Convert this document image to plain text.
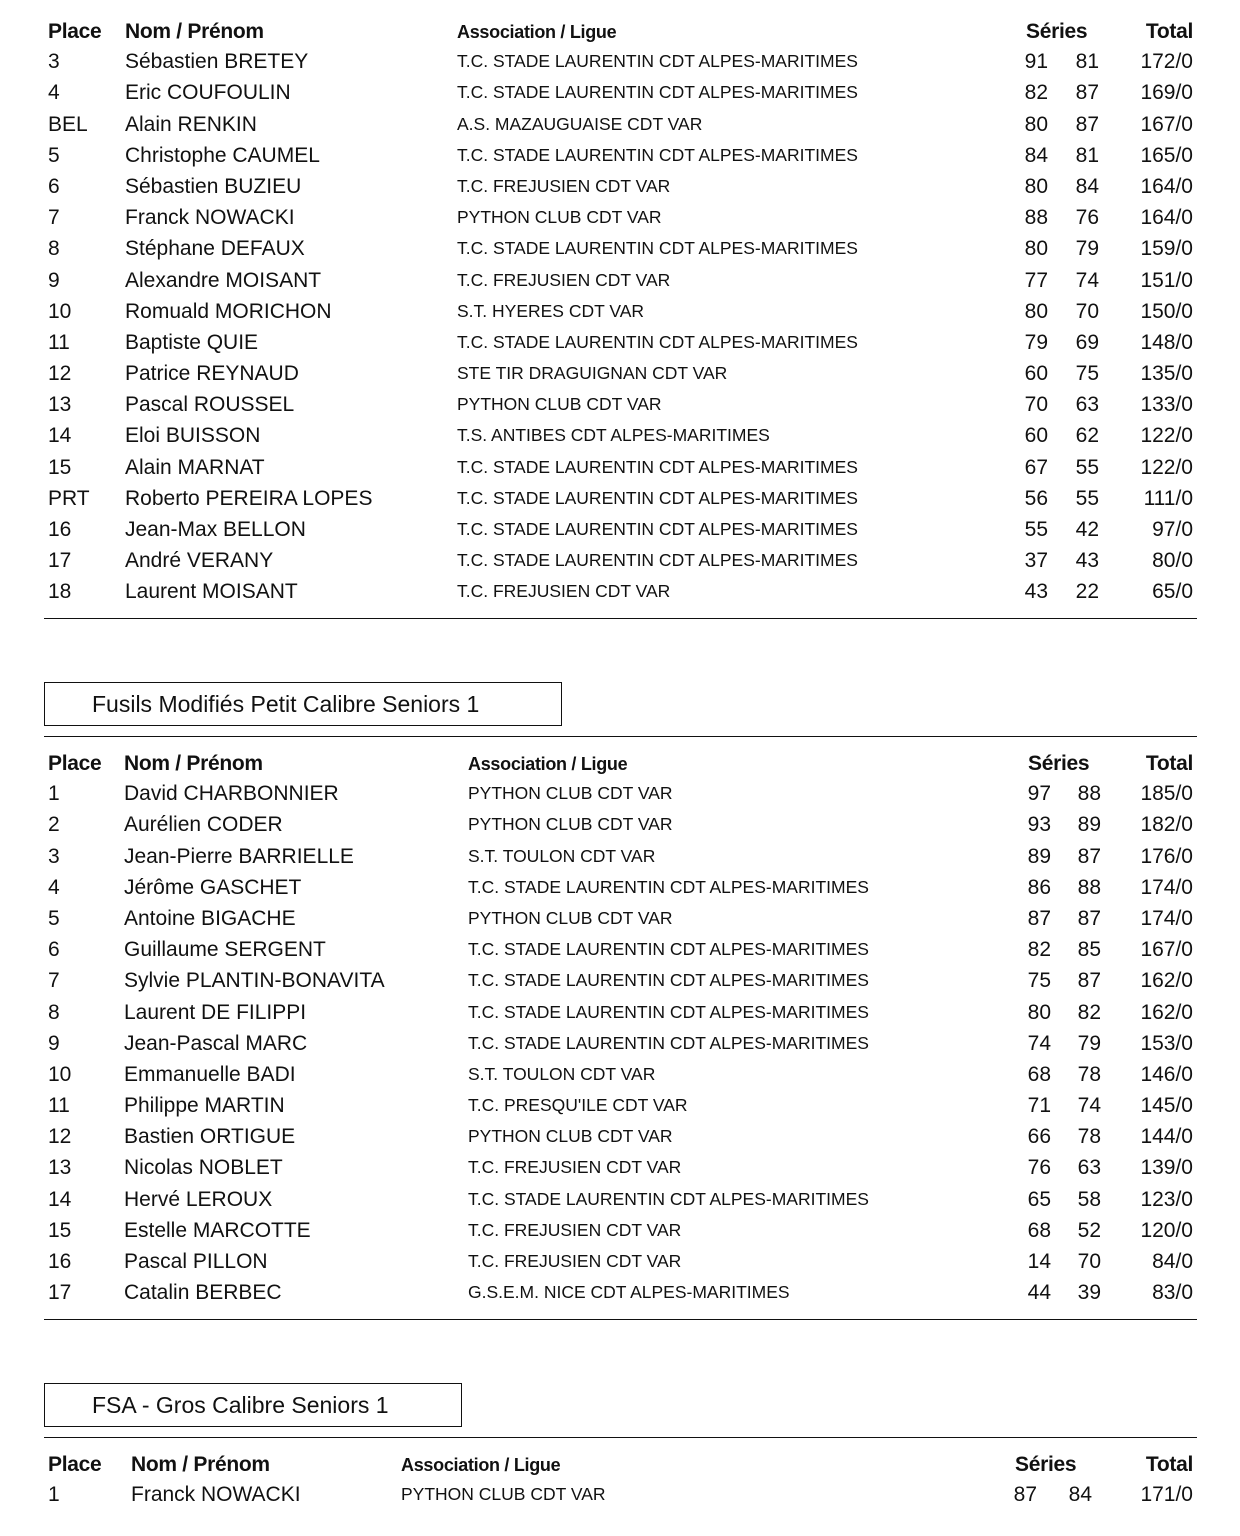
Place Nom / Prénom	Association / Ligue	Séries	Total
3	Sébastien BRETEY	T.C. STADE LAURENTIN CDT ALPES-MARITIMES	91	81 172/0
4	Eric COUFOULIN	T.C. STADE LAURENTIN CDT ALPES-MARITIMES	82	87 169/0
BEL Alain RENKIN	A.S. MAZAUGUAISE CDT VAR	80	87 167/0
5	Christophe CAUMEL	T.C. STADE LAURENTIN CDT ALPES-MARITIMES	84	81 165/0
6	Sébastien BUZIEU	T.C. FREJUSIEN CDT VAR	80	84 164/0
7	Franck NOWACKI	PYTHON CLUB CDT VAR	88	76 164/0
8	Stéphane DEFAUX	T.C. STADE LAURENTIN CDT ALPES-MARITIMES	80	79 159/0
9	Alexandre MOISANT	T.C. FREJUSIEN CDT VAR	77	74 151/0
10	Romuald MORICHON	S.T. HYERES CDT VAR	80	70 150/0
11	Baptiste QUIE	T.C. STADE LAURENTIN CDT ALPES-MARITIMES	79	69 148/0
12	Patrice REYNAUD	STE TIR DRAGUIGNAN CDT VAR	60	75 135/0
13	Pascal ROUSSEL	PYTHON CLUB CDT VAR	70	63 133/0
14	Eloi BUISSON	T.S. ANTIBES CDT ALPES-MARITIMES	60	62 122/0
15	Alain MARNAT	T.C. STADE LAURENTIN CDT ALPES-MARITIMES	67	55 122/0
PRT Roberto PEREIRA LOPES	T.C. STADE LAURENTIN CDT ALPES-MARITIMES	56	55 111/0
16	Jean-Max BELLON	T.C. STADE LAURENTIN CDT ALPES-MARITIMES	55	42	97/0
17	André VERANY	T.C. STADE LAURENTIN CDT ALPES-MARITIMES	37	43	80/0
18	Laurent MOISANT	T.C. FREJUSIEN CDT VAR	43	22	65/0
Fusils Modifiés Petit Calibre Seniors 1
Place Nom / Prénom	Association / Ligue	Séries	Total
1	David CHARBONNIER	PYTHON CLUB CDT VAR	97	88 185/0
2	Aurélien CODER	PYTHON CLUB CDT VAR	93	89 182/0
3	Jean-Pierre BARRIELLE	S.T. TOULON CDT VAR	89	87 176/0
4	Jérôme GASCHET	T.C. STADE LAURENTIN CDT ALPES-MARITIMES	86	88 174/0
5	Antoine BIGACHE	PYTHON CLUB CDT VAR	87	87 174/0
6	Guillaume SERGENT	T.C. STADE LAURENTIN CDT ALPES-MARITIMES	82	85 167/0
7	Sylvie PLANTIN-BONAVITA	T.C. STADE LAURENTIN CDT ALPES-MARITIMES	75	87 162/0
8	Laurent DE FILIPPI	T.C. STADE LAURENTIN CDT ALPES-MARITIMES	80	82 162/0
9	Jean-Pascal MARC	T.C. STADE LAURENTIN CDT ALPES-MARITIMES	74	79 153/0
10	Emmanuelle BADI	S.T. TOULON CDT VAR	68	78 146/0
11	Philippe MARTIN	T.C. PRESQU'ILE CDT VAR	71	74 145/0
12	Bastien ORTIGUE	PYTHON CLUB CDT VAR	66	78 144/0
13	Nicolas NOBLET	T.C. FREJUSIEN CDT VAR	76	63 139/0
14	Hervé LEROUX	T.C. STADE LAURENTIN CDT ALPES-MARITIMES	65	58 123/0
15	Estelle MARCOTTE	T.C. FREJUSIEN CDT VAR	68	52 120/0
16	Pascal PILLON	T.C. FREJUSIEN CDT VAR	14	70 84/0
17	Catalin BERBEC	G.S.E.M. NICE CDT ALPES-MARITIMES	44	39 83/0
FSA - Gros Calibre Seniors 1
Place Nom / Prénom	Association / Ligue	Séries	Total
1	Franck NOWACKI	PYTHON CLUB CDT VAR	87	84 171/0
